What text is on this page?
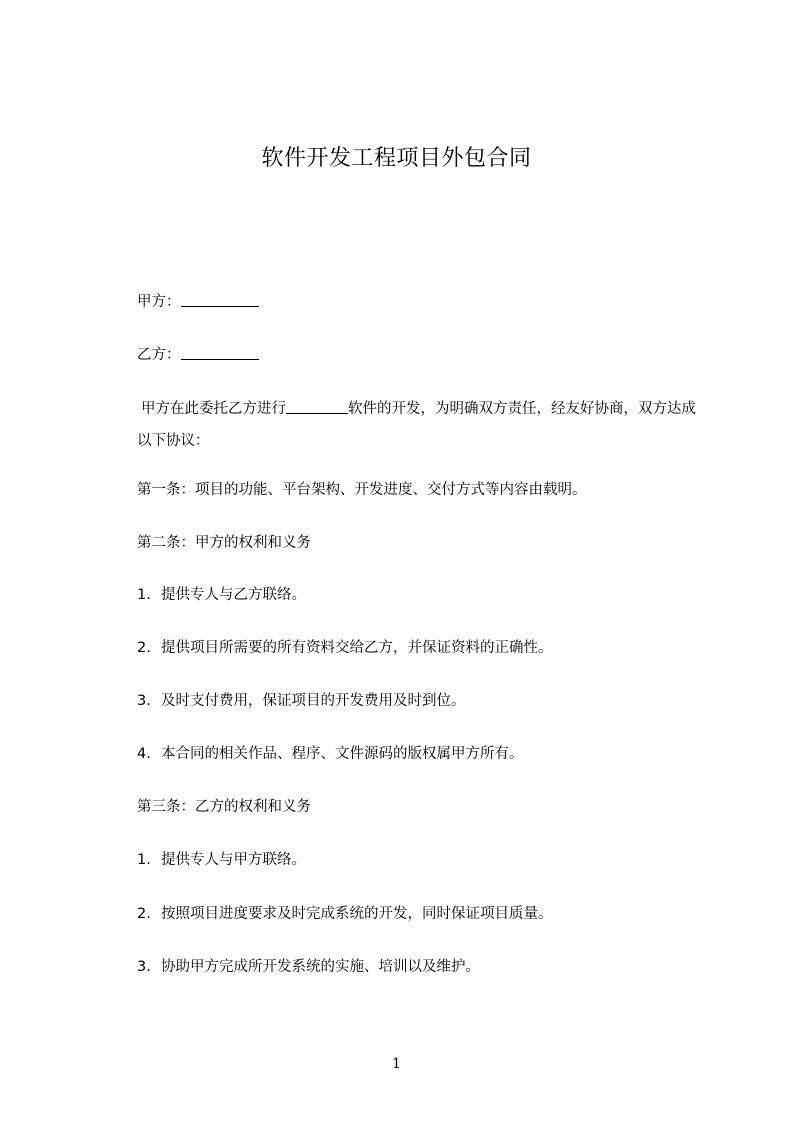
软件开发工程项目外包合同
甲方：
乙方：
甲方在此委托乙方进行	软件的开发，为明确双方责任，经友好协商，双方达成以下协议：
第一条：项目的功能、平台架构、开发进度、交付方式等内容由载明。
第二条：甲方的权利和义务
1. 提供专人与乙方联络。
2. 提供项目所需要的所有资料交给乙方，并保证资料的正确性。
3. 及时支付费用，保证项目的开发费用及时到位。
4. 本合同的相关作品、程序、文件源码的版权属甲方所有。
第三条：乙方的权利和义务
1. 提供专人与甲方联络。
2. 按照项目进度要求及时完成系统的开发，同时保证项目质量。
3. 协助甲方完成所开发系统的实施、培训以及维护。
1
